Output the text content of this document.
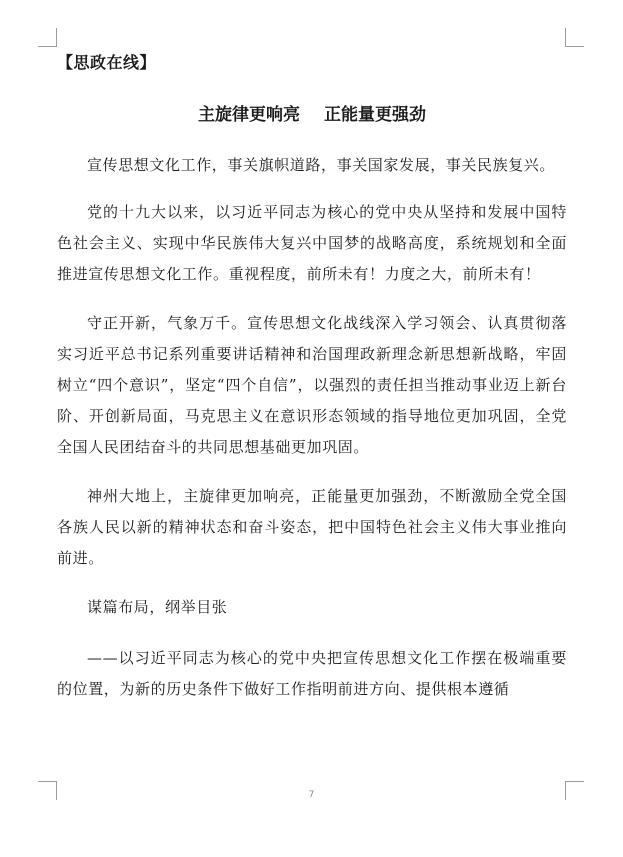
【思政在线】

主旋律更响亮 正能量更强劲

宣传思想文化工作，事关旗帜道路，事关国家发展，事关民族复兴。

党的十九大以来，以习近平同志为核心的党中央从坚持和发展中国特色社会主义、实现中华民族伟大复兴中国梦的战略高度，系统规划和全面推进宣传思想文化工作。重视程度，前所未有！力度之大，前所未有！

守正开新，气象万千。宣传思想文化战线深入学习领会、认真贯彻落实习近平总书记系列重要讲话精神和治国理政新理念新思想新战略，牢固树立“四个意识”，坚定“四个自信”，以强烈的责任担当推动事业迈上新台阶、开创新局面，马克思主义在意识形态领域的指导地位更加巩固，全党全国人民团结奋斗的共同思想基础更加巩固。

神州大地上，主旋律更加响亮，正能量更加强劲，不断激励全党全国各族人民以新的精神状态和奋斗姿态，把中国特色社会主义伟大事业推向前进。

谋篇布局，纲举目张

——以习近平同志为核心的党中央把宣传思想文化工作摆在极端重要的位置，为新的历史条件下做好工作指明前进方向、提供根本遵循

7
